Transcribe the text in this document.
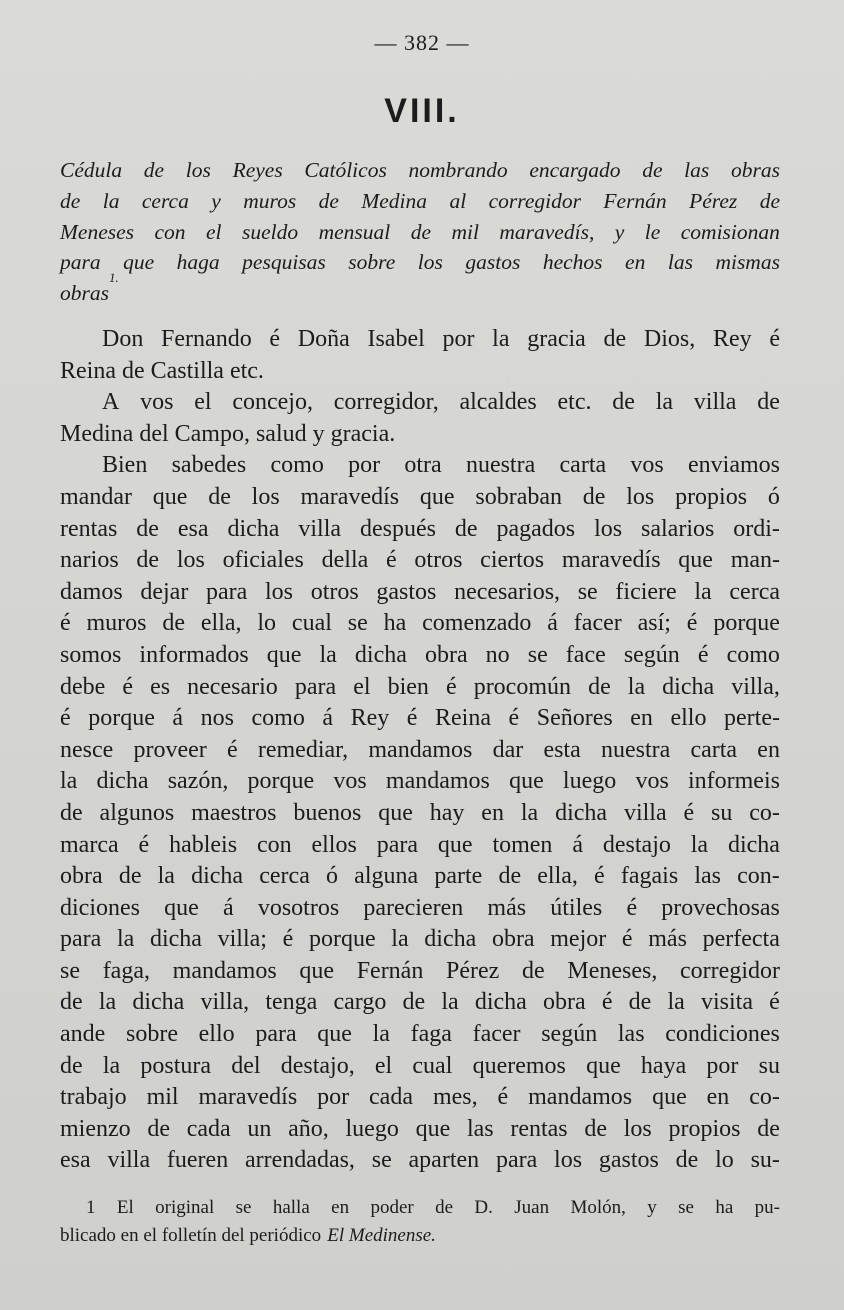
— 382 —
VIII.
Cédula de los Reyes Católicos nombrando encargado de las obras
de la cerca y muros de Medina al corregidor Fernán Pérez de
Meneses con el sueldo mensual de mil maravedís, y le comisionan
para que haga pesquisas sobre los gastos hechos en las mismas
obras
1.
Don Fernando é Doña Isabel por la gracia de Dios, Rey é
Reina de Castilla etc.
A vos el concejo, corregidor, alcaldes etc. de la villa de
Medina del Campo, salud y gracia.
Bien sabedes como por otra nuestra carta vos enviamos
mandar que de los maravedís que sobraban de los propios ó
rentas de esa dicha villa después de pagados los salarios ordi-
narios de los oficiales della é otros ciertos maravedís que man-
damos dejar para los otros gastos necesarios, se ficiere la cerca
é muros de ella, lo cual se ha comenzado á facer así; é porque
somos informados que la dicha obra no se face según é como
debe é es necesario para el bien é procomún de la dicha villa,
é porque á nos como á Rey é Reina é Señores en ello perte-
nesce proveer é remediar, mandamos dar esta nuestra carta en
la dicha sazón, porque vos mandamos que luego vos informeis
de algunos maestros buenos que hay en la dicha villa é su co-
marca é hableis con ellos para que tomen á destajo la dicha
obra de la dicha cerca ó alguna parte de ella, é fagais las con-
diciones que á vosotros parecieren más útiles é provechosas
para la dicha villa; é porque la dicha obra mejor é más perfecta
se faga, mandamos que Fernán Pérez de Meneses, corregidor
de la dicha villa, tenga cargo de la dicha obra é de la visita é
ande sobre ello para que la faga facer según las condiciones
de la postura del destajo, el cual queremos que haya por su
trabajo mil maravedís por cada mes, é mandamos que en co-
mienzo de cada un año, luego que las rentas de los propios de
esa villa fueren arrendadas, se aparten para los gastos de lo su-
1 El original se halla en poder de D. Juan Molón, y se ha pu-
blicado en el folletín del periódico El Medinense.
